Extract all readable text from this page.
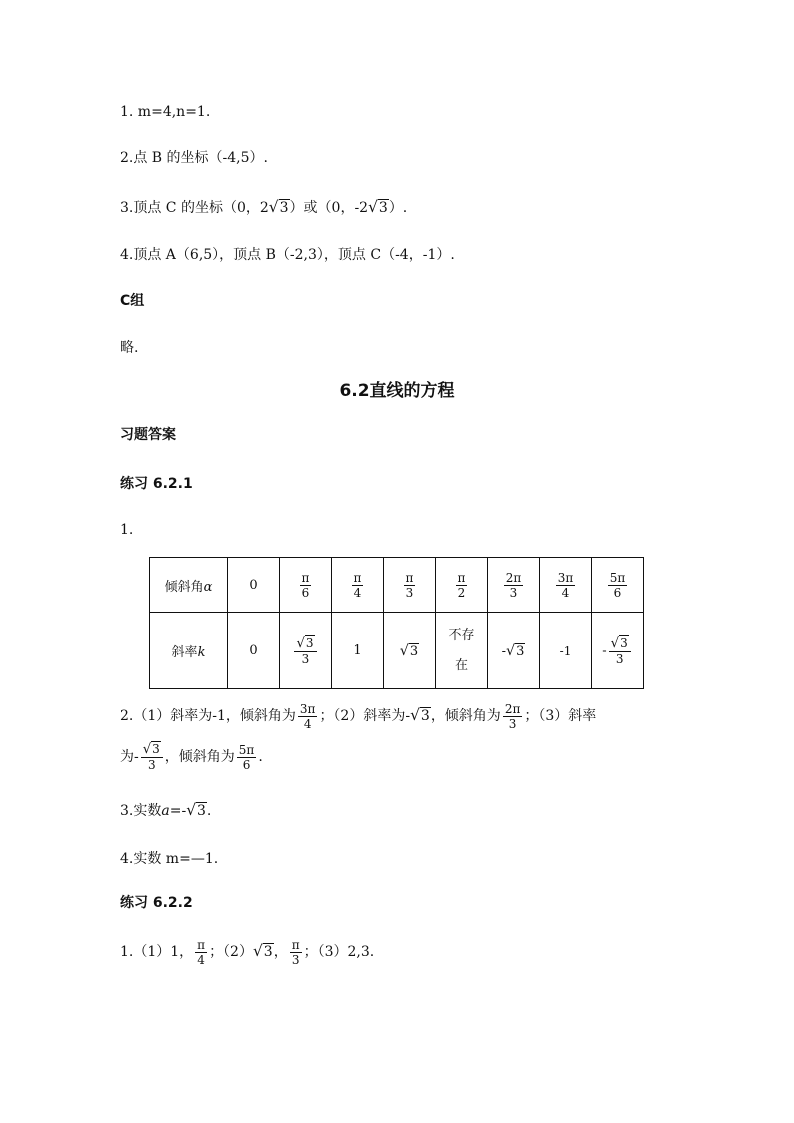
1. m=4,n=1.
2.点 B 的坐标（-4,5）.
3.顶点 C 的坐标（0，2√3）或（0，-2√3）.
4.顶点 A（6,5），顶点 B（-2,3），顶点 C（-4，-1）.
C组
略.
6.2直线的方程
习题答案
练习 6.2.1
1.
倾斜角α	0	$\frac{\pi}{6}$	$\frac{\pi}{4}$	$\frac{\pi}{3}$	$\frac{\pi}{2}$	$\frac{2\pi}{3}$	$\frac{3\pi}{4}$	$\frac{5\pi}{6}$

斜率k	0	$\frac{√3}{3}$	1	√3	不存
在	-√3	-1	- $\frac{√3}{3}$
2.（1）斜率为-1，倾斜角为 $\frac{3\pi}{4}$ ；（2）斜率为-√3，倾斜角为 $\frac{2\pi}{3}$ ；（3）斜率
为- $\frac{√3}{3}$ ，倾斜角为 $\frac{5\pi}{6}$ .
3.实数a=-√3.
4.实数 m=—1.
练习 6.2.2
1.（1）1， $\frac{\pi}{4}$ ；（2）√3， $\frac{\pi}{3}$ ；（3）2,3.
